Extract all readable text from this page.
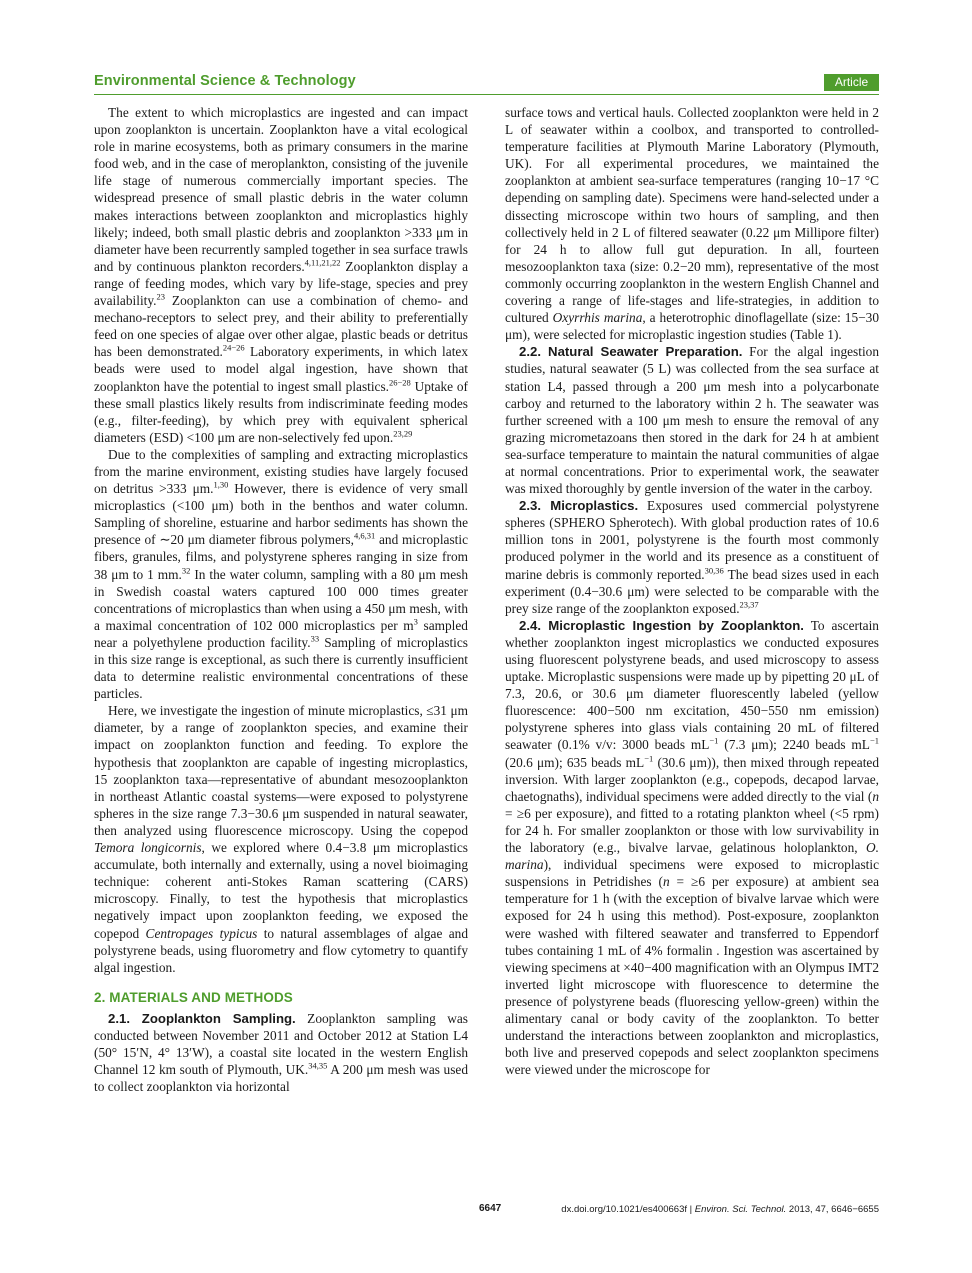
Environmental Science & Technology	Article

The extent to which microplastics are ingested and can impact upon zooplankton is uncertain. Zooplankton have a vital ecological role in marine ecosystems, both as primary consumers in the marine food web, and in the case of meroplankton, consisting of the juvenile life stage of numerous commercially important species. The widespread presence of small plastic debris in the water column makes interactions between zooplankton and microplastics highly likely; indeed, both small plastic debris and zooplankton >333 μm in diameter have been recurrently sampled together in sea surface trawls and by continuous plankton recorders.$^{4,11,21,22}$ Zooplankton display a range of feeding modes, which vary by life-stage, species and prey availability.$^{23}$ Zooplankton can use a combination of chemo- and mechano-receptors to select prey, and their ability to preferentially feed on one species of algae over other algae, plastic beads or detritus has been demonstrated.$^{24-26}$ Laboratory experiments, in which latex beads were used to model algal ingestion, have shown that zooplankton have the potential to ingest small plastics.$^{26-28}$ Uptake of these small plastics likely results from indiscriminate feeding modes (e.g., filter-feeding), by which prey with equivalent spherical diameters (ESD) <100 μm are non-selectively fed upon.$^{23,29}$

Due to the complexities of sampling and extracting microplastics from the marine environment, existing studies have largely focused on detritus >333 μm.$^{1,30}$ However, there is evidence of very small microplastics (<100 μm) both in the benthos and water column. Sampling of shoreline, estuarine and harbor sediments has shown the presence of ∼20 μm diameter fibrous polymers,$^{4,6,31}$ and microplastic fibers, granules, films, and polystyrene spheres ranging in size from 38 μm to 1 mm.$^{32}$ In the water column, sampling with a 80 μm mesh in Swedish coastal waters captured 100 000 times greater concentrations of microplastics than when using a 450 μm mesh, with a maximal concentration of 102 000 microplastics per $m^3$ sampled near a polyethylene production facility.$^{33}$ Sampling of microplastics in this size range is exceptional, as such there is currently insufficient data to determine realistic environmental concentrations of these particles.

Here, we investigate the ingestion of minute microplastics, ≤31 μm diameter, by a range of zooplankton species, and examine their impact on zooplankton function and feeding. To explore the hypothesis that zooplankton are capable of ingesting microplastics, 15 zooplankton taxa—representative of abundant mesozooplankton in northeast Atlantic coastal systems—were exposed to polystyrene spheres in the size range 7.3−30.6 μm suspended in natural seawater, then analyzed using fluorescence microscopy. Using the copepod Temora longicornis, we explored where 0.4−3.8 μm microplastics accumulate, both internally and externally, using a novel bioimaging technique: coherent anti-Stokes Raman scattering (CARS) microscopy. Finally, to test the hypothesis that microplastics negatively impact upon zooplankton feeding, we exposed the copepod Centropages typicus to natural assemblages of algae and polystyrene beads, using fluorometry and flow cytometry to quantify algal ingestion.

2. MATERIALS AND METHODS

2.1. Zooplankton Sampling. Zooplankton sampling was conducted between November 2011 and October 2012 at Station L4 (50° 15′N, 4° 13′W), a coastal site located in the western English Channel 12 km south of Plymouth, UK.$^{34,35}$ A 200 μm mesh was used to collect zooplankton via horizontal

surface tows and vertical hauls. Collected zooplankton were held in 2 L of seawater within a coolbox, and transported to controlled-temperature facilities at Plymouth Marine Laboratory (Plymouth, UK). For all experimental procedures, we maintained the zooplankton at ambient sea-surface temperatures (ranging 10−17 °C depending on sampling date). Specimens were hand-selected under a dissecting microscope within two hours of sampling, and then collectively held in 2 L of filtered seawater (0.22 μm Millipore filter) for 24 h to allow full gut depuration. In all, fourteen mesozooplankton taxa (size: 0.2−20 mm), representative of the most commonly occurring zooplankton in the western English Channel and covering a range of life-stages and life-strategies, in addition to cultured Oxyrrhis marina, a heterotrophic dinoflagellate (size: 15−30 μm), were selected for microplastic ingestion studies (Table 1).

2.2. Natural Seawater Preparation. For the algal ingestion studies, natural seawater (5 L) was collected from the sea surface at station L4, passed through a 200 μm mesh into a polycarbonate carboy and returned to the laboratory within 2 h. The seawater was further screened with a 100 μm mesh to ensure the removal of any grazing micrometazoans then stored in the dark for 24 h at ambient sea-surface temperature to maintain the natural communities of algae at normal concentrations. Prior to experimental work, the seawater was mixed thoroughly by gentle inversion of the water in the carboy.

2.3. Microplastics. Exposures used commercial polystyrene spheres (SPHERO Spherotech). With global production rates of 10.6 million tons in 2001, polystyrene is the fourth most commonly produced polymer in the world and its presence as a constituent of marine debris is commonly reported.$^{30,36}$ The bead sizes used in each experiment (0.4−30.6 μm) were selected to be comparable with the prey size range of the zooplankton exposed.$^{23,37}$

2.4. Microplastic Ingestion by Zooplankton. To ascertain whether zooplankton ingest microplastics we conducted exposures using fluorescent polystyrene beads, and used microscopy to assess uptake. Microplastic suspensions were made up by pipetting 20 μL of 7.3, 20.6, or 30.6 μm diameter fluorescently labeled (yellow fluorescence: 400−500 nm excitation, 450−550 nm emission) polystyrene spheres into glass vials containing 20 mL of filtered seawater (0.1% v/v: 3000 beads $mL^{-1}$ (7.3 μm); 2240 beads $mL^{-1}$ (20.6 μm); 635 beads $mL^{-1}$ (30.6 μm)), then mixed through repeated inversion. With larger zooplankton (e.g., copepods, decapod larvae, chaetognaths), individual specimens were added directly to the vial (n = ≥6 per exposure), and fitted to a rotating plankton wheel (<5 rpm) for 24 h. For smaller zooplankton or those with low survivability in the laboratory (e.g., bivalve larvae, gelatinous holoplankton, O. marina), individual specimens were exposed to microplastic suspensions in Petridishes (n = ≥6 per exposure) at ambient sea temperature for 1 h (with the exception of bivalve larvae which were exposed for 24 h using this method). Post-exposure, zooplankton were washed with filtered seawater and transferred to Eppendorf tubes containing 1 mL of 4% formalin . Ingestion was ascertained by viewing specimens at ×40−400 magnification with an Olympus IMT2 inverted light microscope with fluorescence to determine the presence of polystyrene beads (fluorescing yellow-green) within the alimentary canal or body cavity of the zooplankton. To better understand the interactions between zooplankton and microplastics, both live and preserved copepods and select zooplankton specimens were viewed under the microscope for

6647	dx.doi.org/10.1021/es400663f | Environ. Sci. Technol. 2013, 47, 6646−6655
